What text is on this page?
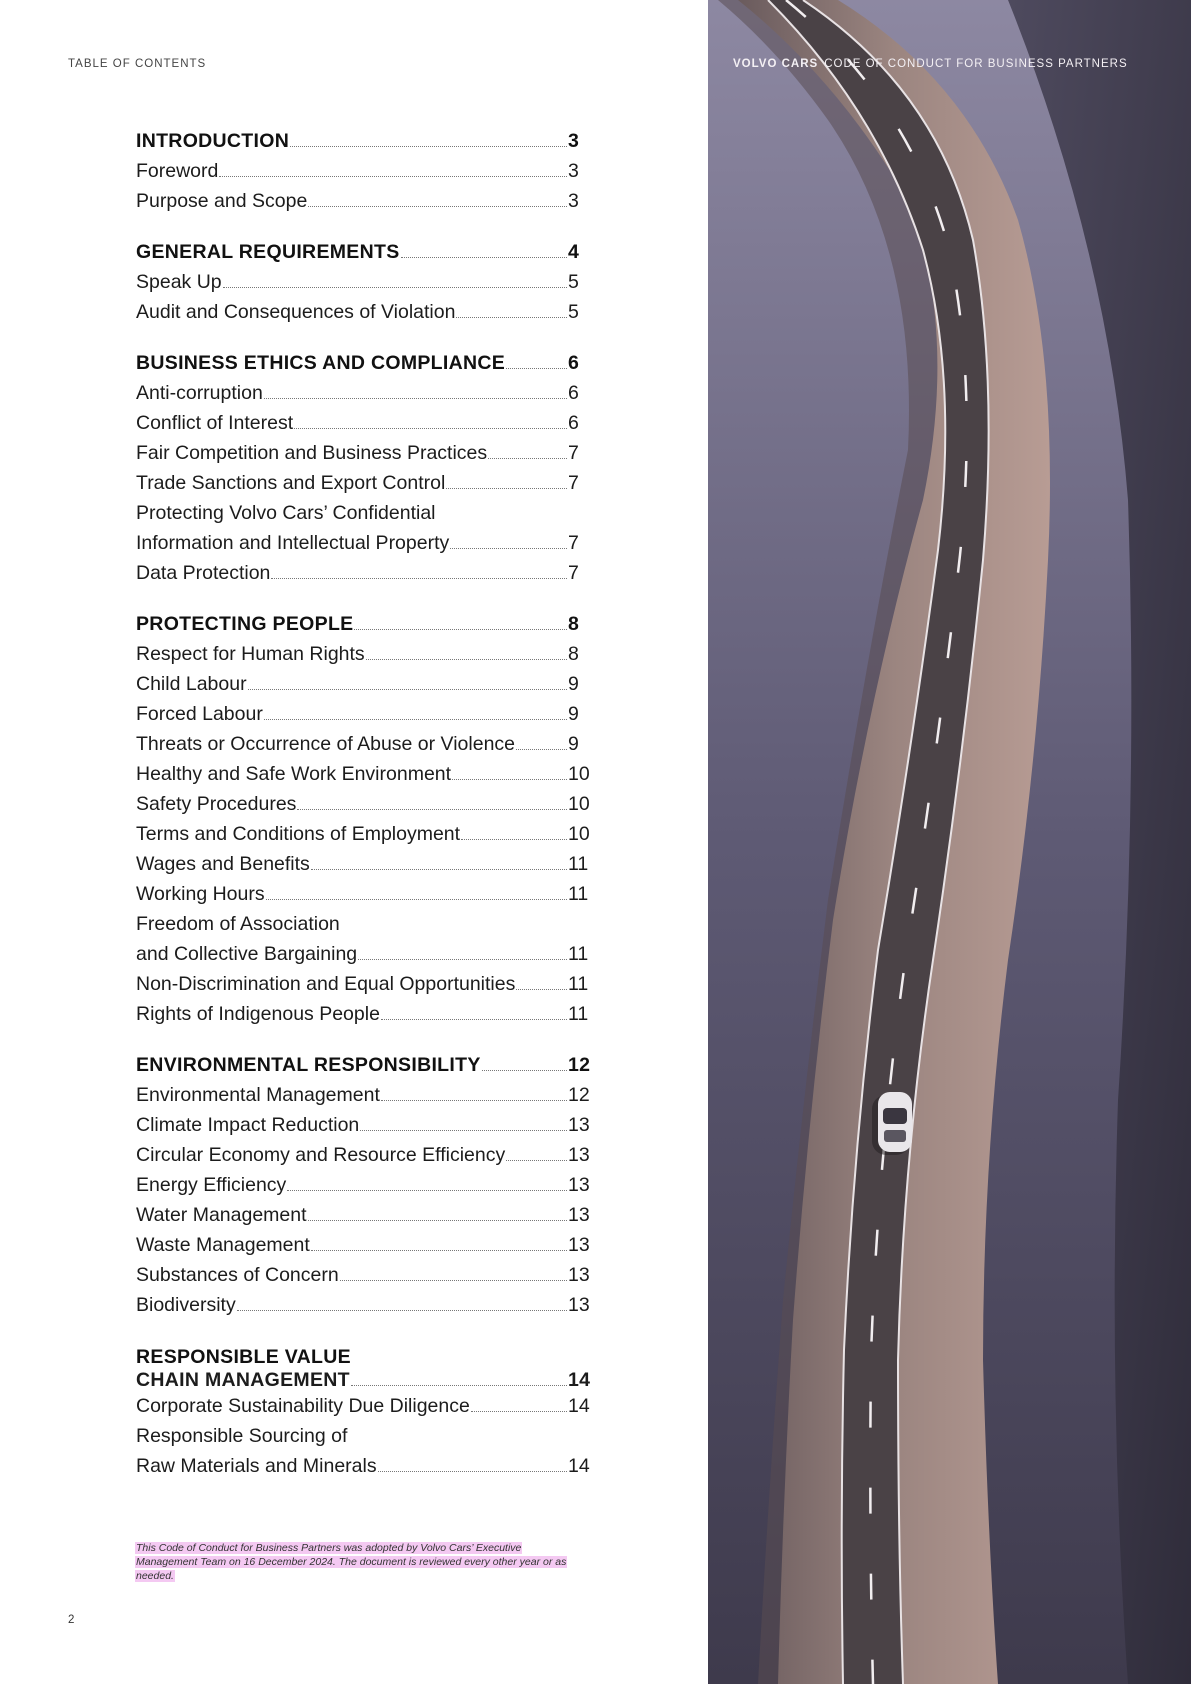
TABLE OF CONTENTS
INTRODUCTION	3
Foreword	3
Purpose and Scope	3
GENERAL REQUIREMENTS	4
Speak Up	5
Audit and Consequences of Violation	5
BUSINESS ETHICS AND COMPLIANCE	6
Anti-corruption	6
Conflict of Interest	6
Fair Competition and Business Practices	7
Trade Sanctions and Export Control	7
Protecting Volvo Cars’ Confidential
Information and Intellectual Property	7
Data Protection	7
PROTECTING PEOPLE	8
Respect for Human Rights	8
Child Labour	9
Forced Labour	9
Threats or Occurrence of Abuse or Violence	9
Healthy and Safe Work Environment	10
Safety Procedures	10
Terms and Conditions of Employment	10
Wages and Benefits	11
Working Hours	11
Freedom of Association
and Collective Bargaining	11
Non-Discrimination and Equal Opportunities	11
Rights of Indigenous People	11
ENVIRONMENTAL RESPONSIBILITY	12
Environmental Management	12
Climate Impact Reduction	13
Circular Economy and Resource Efficiency	13
Energy Efficiency	13
Water Management	13
Waste Management	13
Substances of Concern	13
Biodiversity	13
RESPONSIBLE VALUE
CHAIN MANAGEMENT	14
Corporate Sustainability Due Diligence	14
Responsible Sourcing of
Raw Materials and Minerals	14
This Code of Conduct for Business Partners was adopted by Volvo Cars’ Executive Management Team on 16 December 2024. The document is reviewed every other year or as needed.
2
VOLVO CARS CODE OF CONDUCT FOR BUSINESS PARTNERS
